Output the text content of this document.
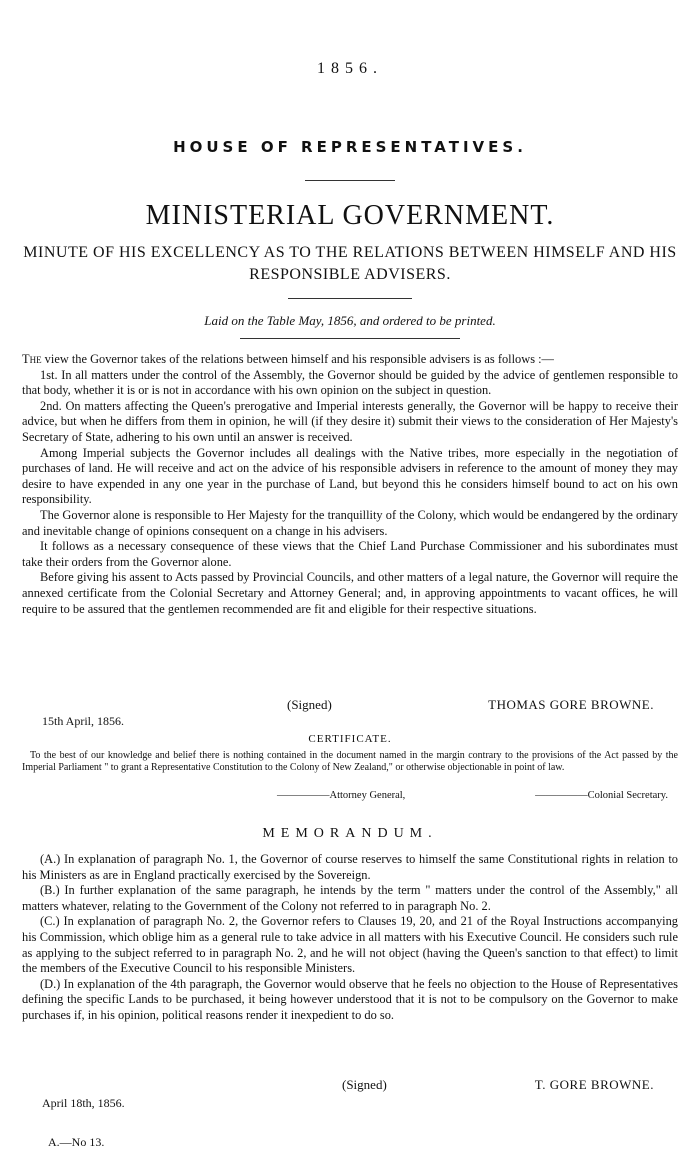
1856.
HOUSE OF REPRESENTATIVES.
MINISTERIAL GOVERNMENT.
MINUTE OF HIS EXCELLENCY AS TO THE RELATIONS BETWEEN HIMSELF AND HIS RESPONSIBLE ADVISERS.
Laid on the Table May, 1856, and ordered to be printed.

The view the Governor takes of the relations between himself and his responsible advisers is as follows :—

1st. In all matters under the control of the Assembly, the Governor should be guided by the advice of gentlemen responsible to that body, whether it is or is not in accordance with his own opinion on the subject in question.

2nd. On matters affecting the Queen's prerogative and Imperial interests generally, the Governor will be happy to receive their advice, but when he differs from them in opinion, he will (if they desire it) submit their views to the consideration of Her Majesty's Secretary of State, adhering to his own until an answer is received.

Among Imperial subjects the Governor includes all dealings with the Native tribes, more especially in the negotiation of purchases of land. He will receive and act on the advice of his responsible advisers in reference to the amount of money they may desire to have expended in any one year in the purchase of Land, but beyond this he considers himself bound to act on his own responsibility.

The Governor alone is responsible to Her Majesty for the tranquillity of the Colony, which would be endangered by the ordinary and inevitable change of opinions consequent on a change in his advisers.

It follows as a necessary consequence of these views that the Chief Land Purchase Commissioner and his subordinates must take their orders from the Governor alone.

Before giving his assent to Acts passed by Provincial Councils, and other matters of a legal nature, the Governor will require the annexed certificate from the Colonial Secretary and Attorney General; and, in approving appointments to vacant offices, he will require to be assured that the gentlemen recommended are fit and eligible for their respective situations.

(Signed)	THOMAS GORE BROWNE.
15th April, 1856.
CERTIFICATE.

To the best of our knowledge and belief there is nothing contained in the document named in the margin contrary to the provisions of the Act passed by the Imperial Parliament " to grant a Representative Constitution to the Colony of New Zealand," or otherwise objectionable in point of law.

—————Attorney General,	—————Colonial Secretary.
MEMORANDUM.

(A.) In explanation of paragraph No. 1, the Governor of course reserves to himself the same Constitutional rights in relation to his Ministers as are in England practically exercised by the Sovereign.

(B.) In further explanation of the same paragraph, he intends by the term " matters under the control of the Assembly," all matters whatever, relating to the Government of the Colony not referred to in paragraph No. 2.

(C.) In explanation of paragraph No. 2, the Governor refers to Clauses 19, 20, and 21 of the Royal Instructions accompanying his Commission, which oblige him as a general rule to take advice in all matters with his Executive Council. He considers such rule as applying to the subject referred to in paragraph No. 2, and he will not object (having the Queen's sanction to that effect) to limit the members of the Executive Council to his responsible Ministers.

(D.) In explanation of the 4th paragraph, the Governor would observe that he feels no objection to the House of Representatives defining the specific Lands to be purchased, it being however understood that it is not to be compulsory on the Governor to make purchases if, in his opinion, political reasons render it inexpedient to do so.

(Signed)	T. GORE BROWNE.
April 18th, 1856.
A.—No 13.
